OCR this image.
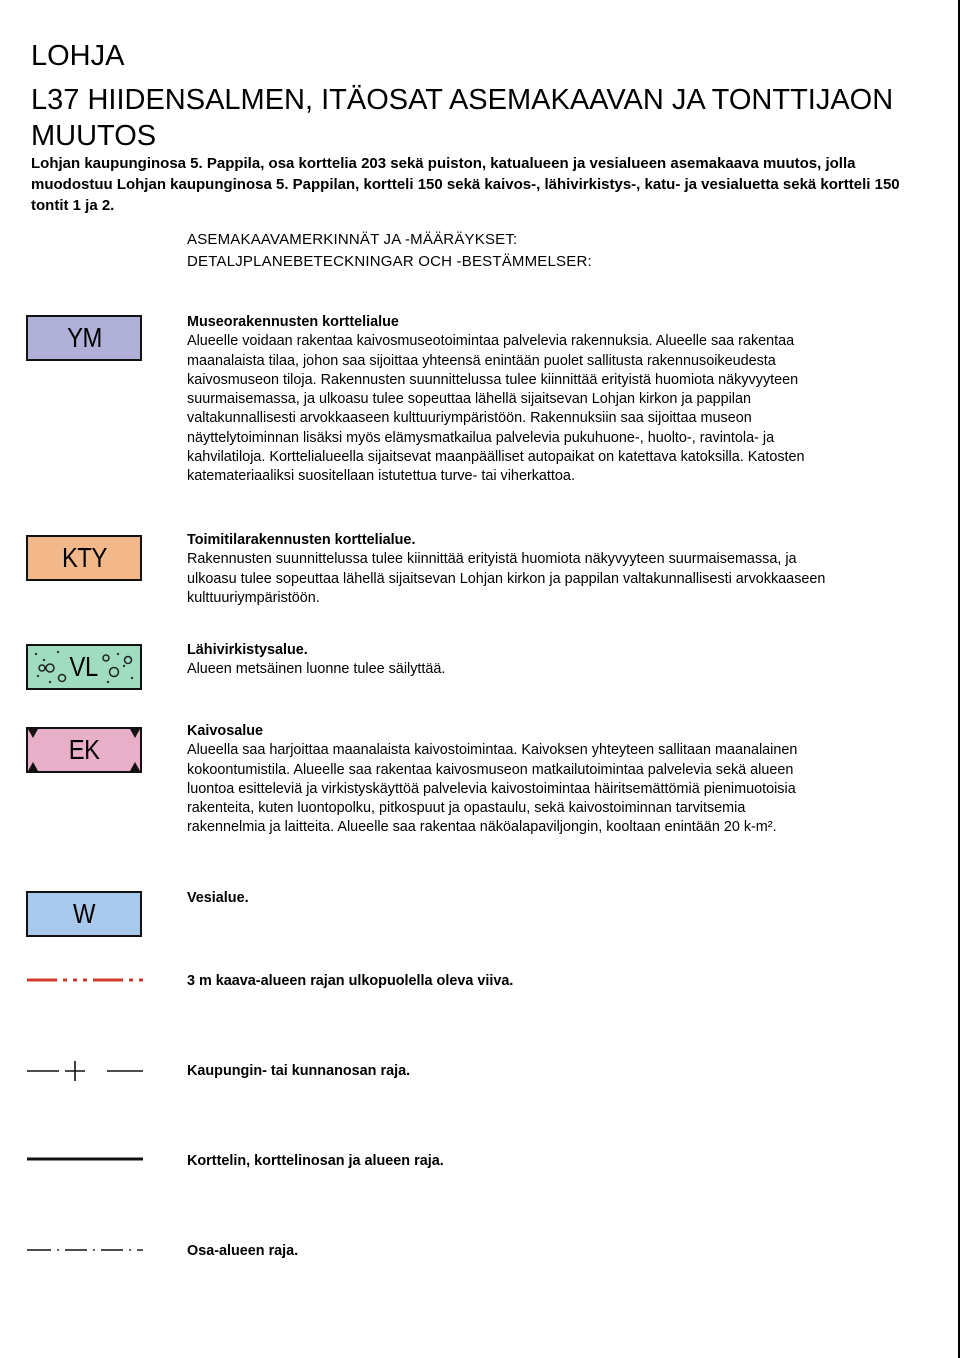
LOHJA
L37 HIIDENSALMEN, ITÄOSAT ASEMAKAAVAN JA TONTTIJAON MUUTOS
Lohjan kaupunginosa 5. Pappila, osa korttelia 203 sekä puiston, katualueen ja vesialueen asemakaava muutos, jolla muodostuu Lohjan kaupunginosa 5. Pappilan, kortteli 150 sekä kaivos-, lähivirkistys-, katu- ja vesialuetta sekä kortteli 150 tontit 1 ja 2.
ASEMAKAAVAMERKINNÄT JA -MÄÄRÄYKSET:
DETALJPLANEBETECKNINGAR OCH -BESTÄMMELSER:
YM	Museorakennusten korttelialue
Alueelle voidaan rakentaa kaivosmuseotoimintaa palvelevia rakennuksia. Alueelle saa rakentaa maanalaista tilaa, johon saa sijoittaa yhteensä enintään puolet sallitusta rakennusoikeudesta kaivosmuseon tiloja. Rakennusten suunnittelussa tulee kiinnittää erityistä huomiota näkyvyyteen suurmaisemassa, ja ulkoasu tulee sopeuttaa lähellä sijaitsevan Lohjan kirkon ja pappilan valtakunnallisesti arvokkaaseen kulttuuriympäristöön. Rakennuksiin saa sijoittaa museon näyttelytoiminnan lisäksi myös elämysmatkailua palvelevia pukuhuone-, huolto-, ravintola- ja kahvilatiloja. Korttelialueella sijaitsevat maanpäälliset autopaikat on katettava katoksilla. Katosten katemateriaaliksi suositellaan istutettua turve- tai viherkattoa.
KTY
Toimitilarakennusten korttelialue.
Rakennusten suunnittelussa tulee kiinnittää erityistä huomiota näkyvyyteen suurmaisemassa, ja ulkoasu tulee sopeuttaa lähellä sijaitsevan Lohjan kirkon ja pappilan valtakunnallisesti arvokkaaseen kulttuuriympäristöön.
VL
Lähivirkistysalue.
Alueen metsäinen luonne tulee säilyttää.
EK
Kaivosalue
Alueella saa harjoittaa maanalaista kaivostoimintaa. Kaivoksen yhteyteen sallitaan maanalainen kokoontumistila. Alueelle saa rakentaa kaivosmuseon matkailutoimintaa palvelevia sekä alueen luontoa esitteleviä ja virkistyskäyttöä palvelevia kaivostoimintaa häiritsemättömiä pienimuotoisia rakenteita, kuten luontopolku, pitkospuut ja opastaulu, sekä kaivostoiminnan tarvitsemia rakennelmia ja laitteita. Alueelle saa rakentaa näköalapaviljongin, kooltaan enintään 20 k-m².
W	Vesialue.
3 m kaava-alueen rajan ulkopuolella oleva viiva.
Kaupungin- tai kunnanosan raja.
Korttelin, korttelinosan ja alueen raja.
Osa-alueen raja.
